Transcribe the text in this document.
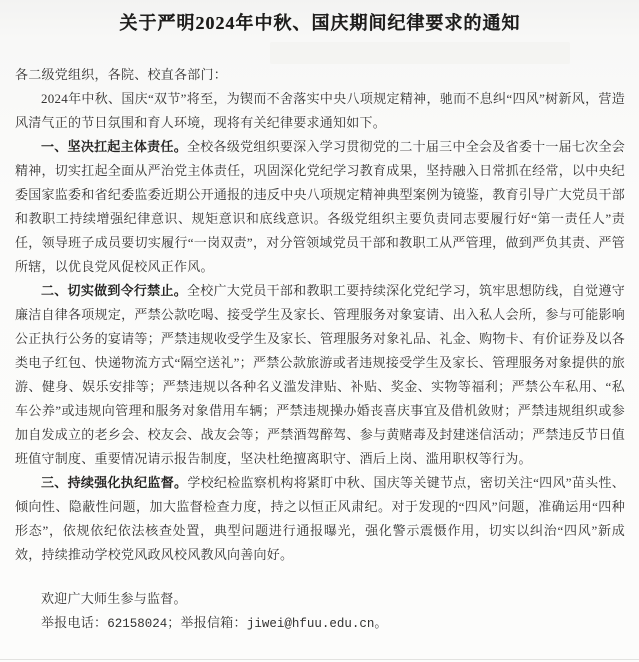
关于严明2024年中秋、国庆期间纪律要求的通知

各二级党组织，各院、校直各部门：

2024年中秋、国庆“双节”将至，为锲而不舍落实中央八项规定精神，驰而不息纠“四风”树新风，营造风清气正的节日氛围和育人环境，现将有关纪律要求通知如下。

一、坚决扛起主体责任。全校各级党组织要深入学习贯彻党的二十届三中全会及省委十一届七次全会精神，切实扛起全面从严治党主体责任，巩固深化党纪学习教育成果，坚持融入日常抓在经常，以中央纪委国家监委和省纪委监委近期公开通报的违反中央八项规定精神典型案例为镜鉴，教育引导广大党员干部和教职工持续增强纪律意识、规矩意识和底线意识。各级党组织主要负责同志要履行好“第一责任人”责任，领导班子成员要切实履行“一岗双责”，对分管领域党员干部和教职工从严管理，做到严负其责、严管所辖，以优良党风促校风正作风。

二、切实做到令行禁止。全校广大党员干部和教职工要持续深化党纪学习，筑牢思想防线，自觉遵守廉洁自律各项规定，严禁公款吃喝、接受学生及家长、管理服务对象宴请、出入私人会所，参与可能影响公正执行公务的宴请等；严禁违规收受学生及家长、管理服务对象礼品、礼金、购物卡、有价证券及以各类电子红包、快递物流方式“隔空送礼”；严禁公款旅游或者违规接受学生及家长、管理服务对象提供的旅游、健身、娱乐安排等；严禁违规以各种名义滥发津贴、补贴、奖金、实物等福利；严禁公车私用、“私车公养”或违规向管理和服务对象借用车辆；严禁违规操办婚丧喜庆事宜及借机敛财；严禁违规组织或参加自发成立的老乡会、校友会、战友会等；严禁酒驾醉驾、参与黄赌毒及封建迷信活动；严禁违反节日值班值守制度、重要情况请示报告制度，坚决杜绝擅离职守、酒后上岗、滥用职权等行为。

三、持续强化执纪监督。学校纪检监察机构将紧盯中秋、国庆等关键节点，密切关注“四风”苗头性、倾向性、隐蔽性问题，加大监督检查力度，持之以恒正风肃纪。对于发现的“四风”问题，准确运用“四种形态”，依规依纪依法核查处置，典型问题进行通报曝光，强化警示震慑作用，切实以纠治“四风”新成效，持续推动学校党风政风校风教风向善向好。

欢迎广大师生参与监督。

举报电话：62158024；举报信箱：jiwei@hfuu.edu.cn。
